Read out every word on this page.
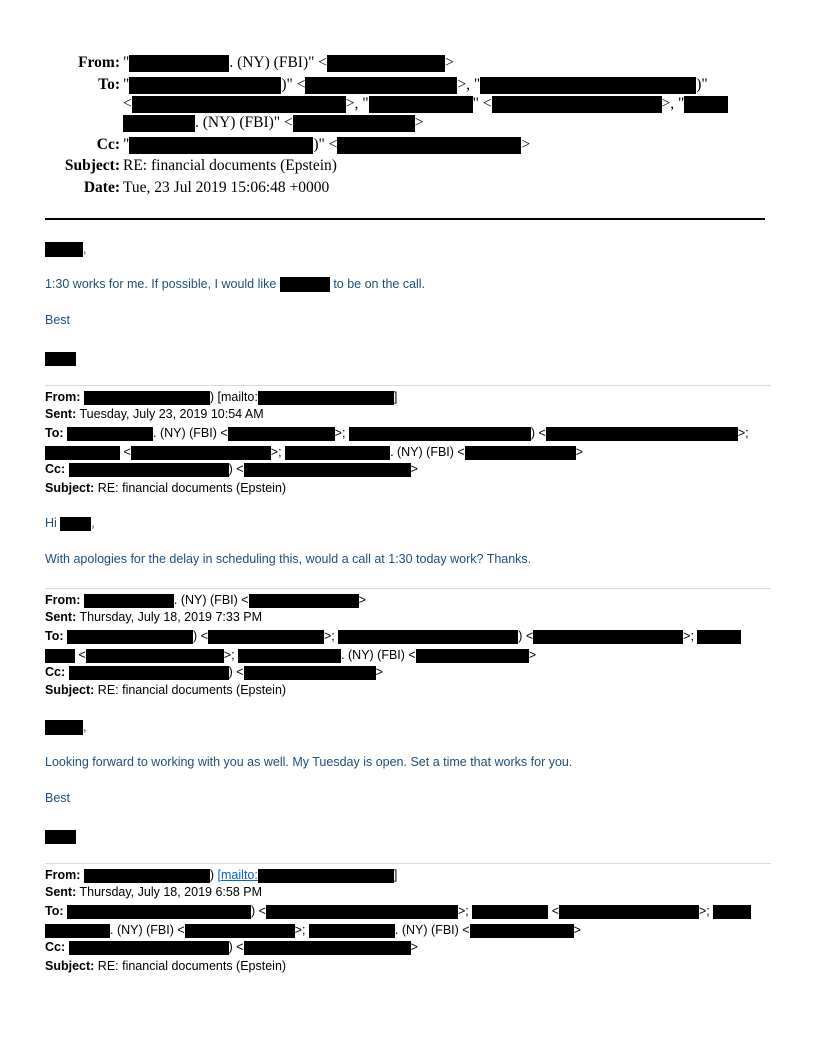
From: "	. (NY) (FBI)" <	>
To: "	)" <	>, "	)"
<	>, "	" <	>, "
. (NY) (FBI)" <	>
Cc: "	)" <	>
Subject: RE: financial documents (Epstein)
Date: Tue, 23 Jul 2019 15:06:48 +0000
,
1:30 works for me. If possible, I would like	to be on the call.
Best
From:	) [mailto:	]
Sent: Tuesday, July 23, 2019 10:54 AM
To:	. (NY) (FBI) <	>;	) <	>;
<	>;	. (NY) (FBI) <	>
Cc:	) <	>
Subject: RE: financial documents (Epstein)
Hi	,
With apologies for the delay in scheduling this, would a call at 1:30 today work? Thanks.
From:	. (NY) (FBI) <	>
Sent: Thursday, July 18, 2019 7:33 PM
To:	) <	>;	) <	>;
<	>;	. (NY) (FBI) <	>
Cc:	) <	>
Subject: RE: financial documents (Epstein)
,
Looking forward to working with you as well. My Tuesday is open. Set a time that works for you.
Best
From:	) [mailto:	]
Sent: Thursday, July 18, 2019 6:58 PM
To:	) <	>;	<	>;
. (NY) (FBI) <	>;	. (NY) (FBI) <	>
Cc:	) <	>
Subject: RE: financial documents (Epstein)
